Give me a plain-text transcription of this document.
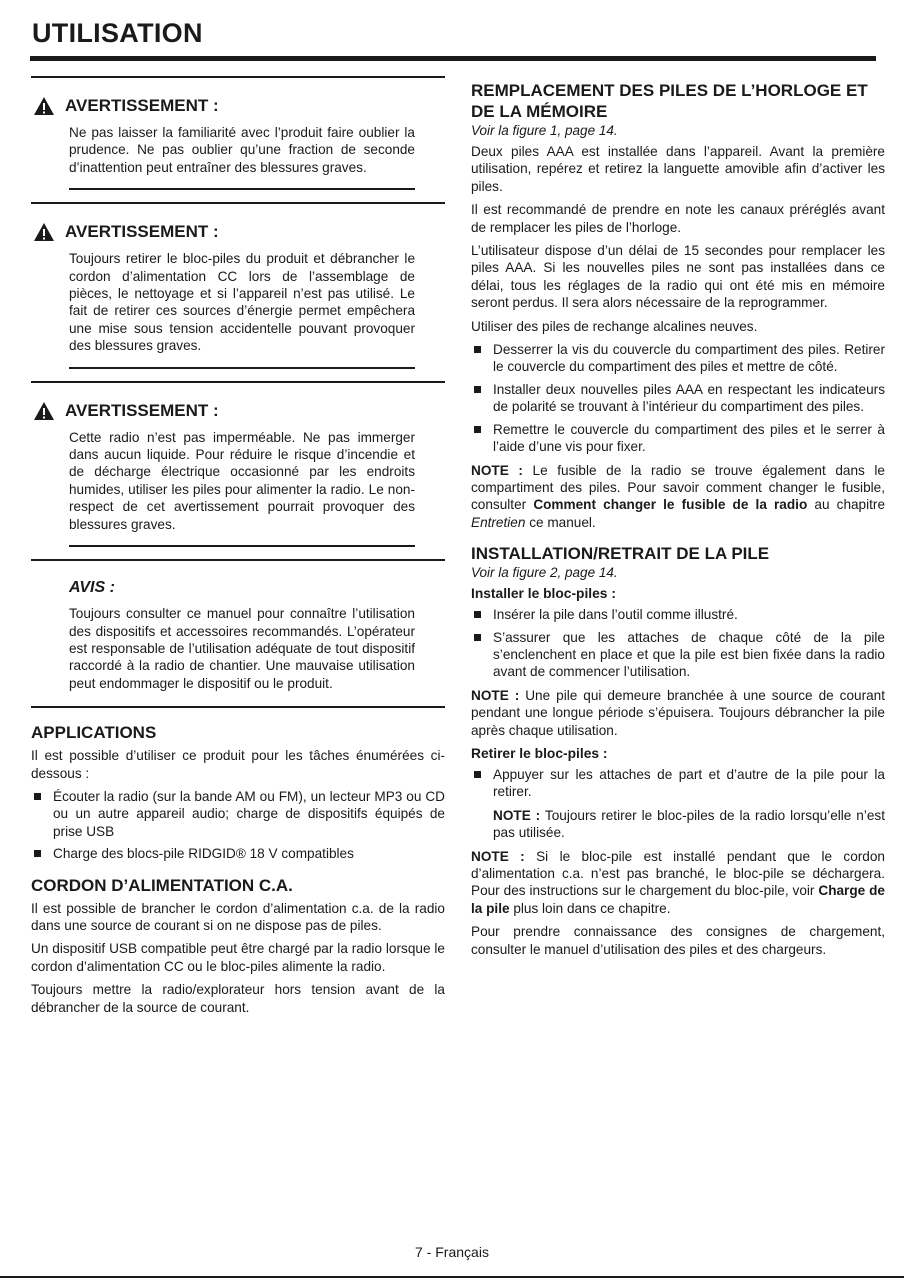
UTILISATION
AVERTISSEMENT :
Ne pas laisser la familiarité avec l’produit faire oublier la prudence. Ne pas oublier qu’une fraction de seconde d’inattention peut entraîner des blessures graves.
AVERTISSEMENT :
Toujours retirer le bloc-piles du produit et débrancher le cordon d’alimentation CC lors de l’assemblage de pièces, le nettoyage et si l’appareil n’est pas utilisé. Le fait de retirer ces sources d’énergie permet empêchera une mise sous tension accidentelle pouvant provoquer des blessures graves.
AVERTISSEMENT :
Cette radio n’est pas imperméable. Ne pas immerger dans aucun liquide. Pour réduire le risque d’incendie et de décharge électrique occasionné par les endroits humides, utiliser les piles pour alimenter la radio. Le non-respect de cet avertissement pourrait provoquer des blessures graves.
AVIS :
Toujours consulter ce manuel pour connaître l’utilisation des dispositifs et accessoires recommandés. L’opérateur est responsable de l’utilisation adéquate de tout dispositif raccordé à la radio de chantier. Une mauvaise utilisation peut endommager le dispositif ou le produit.
APPLICATIONS

Il est possible d’utiliser ce produit pour les tâches énumérées ci-dessous :

Écouter la radio (sur la bande AM ou FM), un lecteur MP3 ou CD ou un autre appareil audio; charge de dispositifs équipés de prise USB
Charge des blocs-pile RIDGID® 18 V compatibles
CORDON D’ALIMENTATION C.A.

Il est possible de brancher le cordon d’alimentation c.a. de la radio dans une source de courant si on ne dispose pas de piles.

Un dispositif USB compatible peut être chargé par la radio lorsque le cordon d’alimentation CC ou le bloc-piles alimente la radio.

Toujours mettre la radio/explorateur hors tension avant de la débrancher de la source de courant.

REMPLACEMENT DES PILES DE L’HORLOGE ET DE LA MÉMOIRE

Voir la figure 1, page 14.

Deux piles AAA est installée dans l’appareil. Avant la première utilisation, repérez et retirez la languette amovible afin d’activer les piles.

Il est recommandé de prendre en note les canaux préréglés avant de remplacer les piles de l’horloge.

L’utilisateur dispose d’un délai de 15 secondes pour remplacer les piles AAA. Si les nouvelles piles ne sont pas installées dans ce délai, tous les réglages de la radio qui ont été mis en mémoire seront perdus. Il sera alors nécessaire de la reprogrammer.

Utiliser des piles de rechange alcalines neuves.

Desserrer la vis du couvercle du compartiment des piles. Retirer le couvercle du compartiment des piles et mettre de côté.
Installer deux nouvelles piles AAA en respectant les indicateurs de polarité se trouvant à l’intérieur du compartiment des piles.
Remettre le couvercle du compartiment des piles et le serrer à l’aide d’une vis pour fixer.

NOTE : Le fusible de la radio se trouve également dans le compartiment des piles. Pour savoir comment changer le fusible, consulter Comment changer le fusible de la radio au chapitre Entretien ce manuel.

INSTALLATION/RETRAIT DE LA PILE

Voir la figure 2, page 14.

Installer le bloc-piles :
Insérer la pile dans l’outil comme illustré.
S’assurer que les attaches de chaque côté de la pile s’enclenchent en place et que la pile est bien fixée dans la radio avant de commencer l’utilisation.

NOTE : Une pile qui demeure branchée à une source de courant pendant une longue période s’épuisera. Toujours débrancher la pile après chaque utilisation.

Retirer le bloc-piles :
Appuyer sur les attaches de part et d’autre de la pile pour la retirer.
NOTE : Toujours retirer le bloc-piles de la radio lorsqu’elle n’est pas utilisée.

NOTE : Si le bloc-pile est installé pendant que le cordon d’alimentation c.a. n’est pas branché, le bloc-pile se déchargera. Pour des instructions sur le chargement du bloc-pile, voir Charge de la pile plus loin dans ce chapitre.

Pour prendre connaissance des consignes de chargement, consulter le manuel d’utilisation des piles et des chargeurs.

7 - Français
